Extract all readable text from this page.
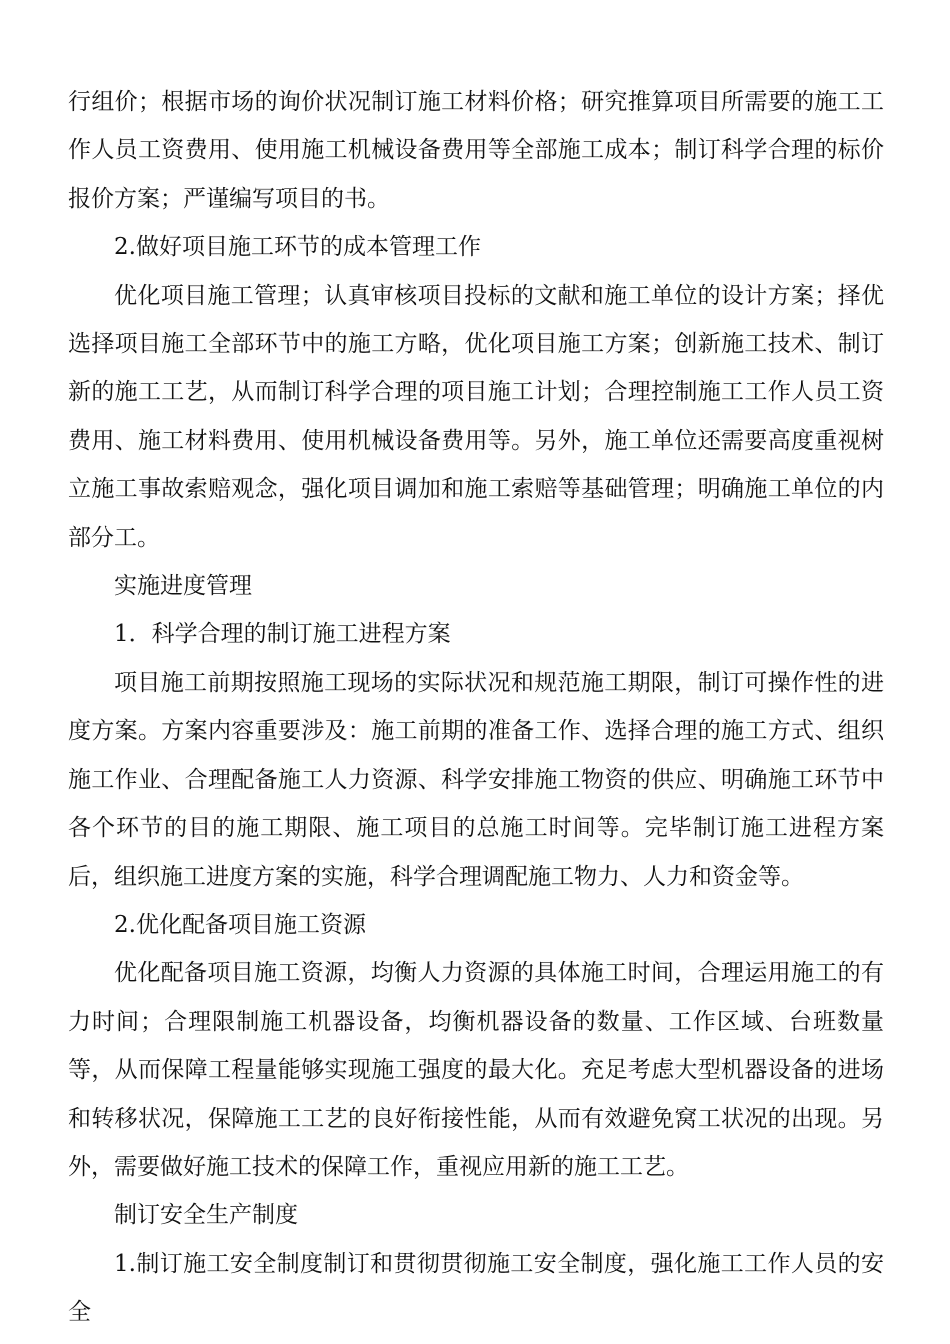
行组价；根据市场的询价状况制订施工材料价格；研究推算项目所需要的施工工作人员工资费用、使用施工机械设备费用等全部施工成本；制订科学合理的标价报价方案；严谨编写项目的书。

2.做好项目施工环节的成本管理工作

优化项目施工管理；认真审核项目投标的文献和施工单位的设计方案；择优选择项目施工全部环节中的施工方略，优化项目施工方案；创新施工技术、制订新的施工工艺，从而制订科学合理的项目施工计划；合理控制施工工作人员工资费用、施工材料费用、使用机械设备费用等。另外，施工单位还需要高度重视树立施工事故索赔观念，强化项目调加和施工索赔等基础管理；明确施工单位的内部分工。

实施进度管理

1．科学合理的制订施工进程方案

项目施工前期按照施工现场的实际状况和规范施工期限，制订可操作性的进度方案。方案内容重要涉及：施工前期的准备工作、选择合理的施工方式、组织施工作业、合理配备施工人力资源、科学安排施工物资的供应、明确施工环节中各个环节的目的施工期限、施工项目的总施工时间等。完毕制订施工进程方案后，组织施工进度方案的实施，科学合理调配施工物力、人力和资金等。

2.优化配备项目施工资源

优化配备项目施工资源，均衡人力资源的具体施工时间，合理运用施工的有力时间；合理限制施工机器设备，均衡机器设备的数量、工作区域、台班数量等，从而保障工程量能够实现施工强度的最大化。充足考虑大型机器设备的进场和转移状况，保障施工工艺的良好衔接性能，从而有效避免窝工状况的出现。另外，需要做好施工技术的保障工作，重视应用新的施工工艺。

制订安全生产制度

1.制订施工安全制度制订和贯彻贯彻施工安全制度，强化施工工作人员的安全
